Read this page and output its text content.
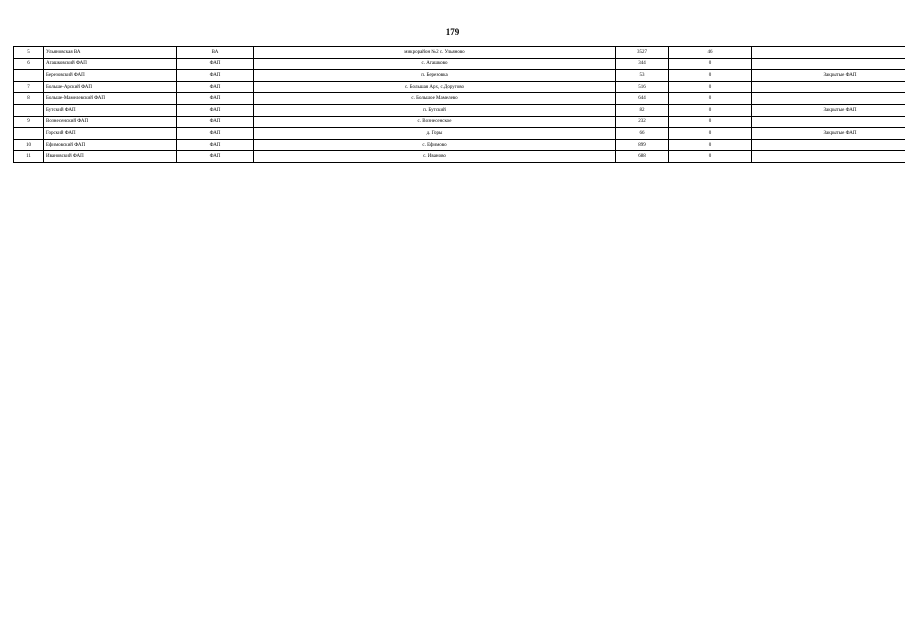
179
5	Ульяновская ВА	ВА	микрорайон №2 с. Ульяново	3527	46	
6	Агашковский ФАП	ФАП	с. Агашково	344	0	
	Березовский ФАП	ФАП	п. Березовка	53	0	Закрытые ФАП
7	Больше-Арский ФАП	ФАП	с. Большая Арх, с.Доругово	516	0	
8	Больше-Мамелевский ФАП	ФАП	с. Большое Мамелево	644	0	
	Бутский ФАП	ФАП	п. Бутский	82	0	Закрытые ФАП
9	Вознесенский ФАП	ФАП	с. Вознесенское	232	0	
	Горский ФАП	ФАП	д. Горы	66	0	Закрытые ФАП
10	Ефимовский ФАП	ФАП	с. Ефимово	899	0	
11	Ивановский ФАП	ФАП	с. Иваново	688	0	
